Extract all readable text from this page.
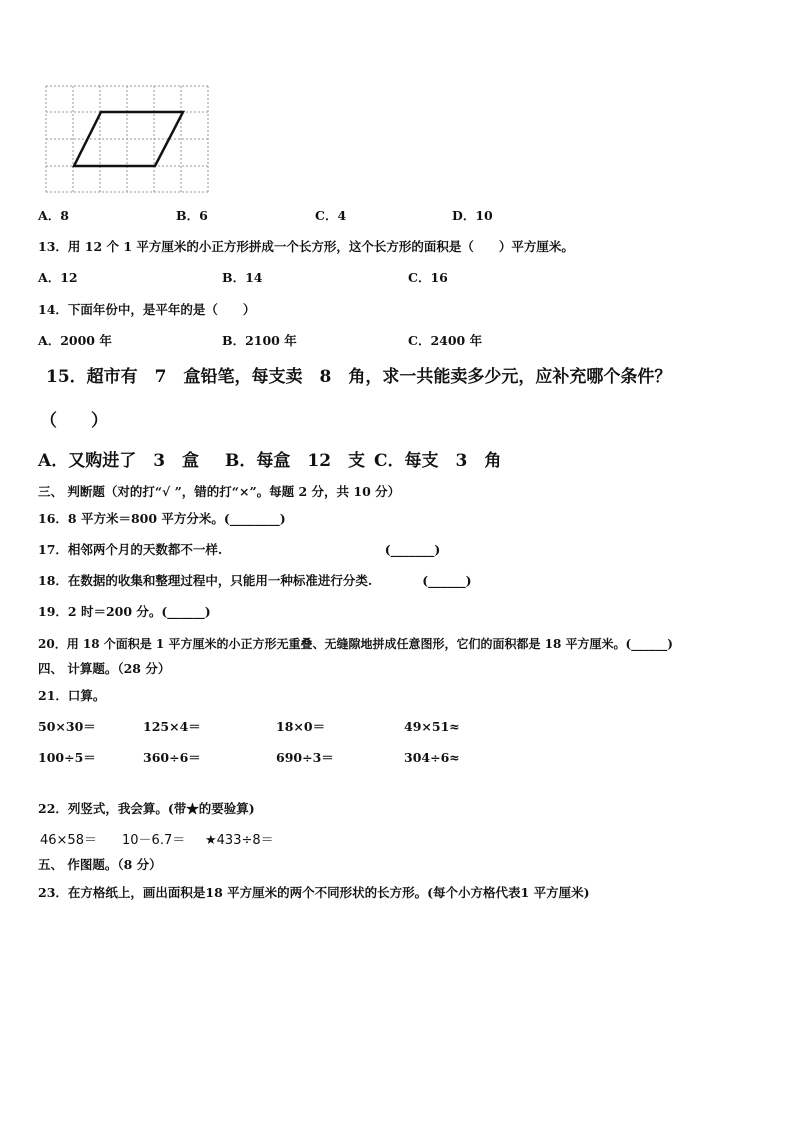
A．8	B．6	C．4	D．10
13．用 12 个 1 平方厘米的小正方形拼成一个长方形，这个长方形的面积是（　　）平方厘米。
A．12	B．14	C．16
14．下面年份中，是平年的是（　　）
A．2000 年	B．2100 年	C．2400 年
15．超市有　7　盒铅笔，每支卖　8　角，求一共能卖多少元，应补充哪个条件？
（　　）
A．又购进了　3　盒 B．每盒　12　支 C．每支　3　角
三、 判断题（对的打“√ ”，错的打“×”。每题 2 分，共 10 分）
16．8 平方米＝800 平方分米。(________)
17．相邻两个月的天数都不一样.　　　　　　　　　　　　　(_______)
18．在数据的收集和整理过程中，只能用一种标准进行分类.　　　　(______)
19．2 时＝200 分。(______)
20．用 18 个面积是 1 平方厘米的小正方形无重叠、无缝隙地拼成任意图形，它们的面积都是 18 平方厘米。(______)
四、 计算题。（28 分）
21．口算。
50×30＝	125×4＝	18×0＝	49×51≈
100÷5＝	360÷6＝	690÷3＝	304÷6≈
22．列竖式，我会算。(带★的要验算)
46×58＝ 10－6.7＝ ★433÷8＝
五、 作图题。（8 分）
23．在方格纸上，画出面积是18 平方厘米的两个不同形状的长方形。(每个小方格代表1 平方厘米)
